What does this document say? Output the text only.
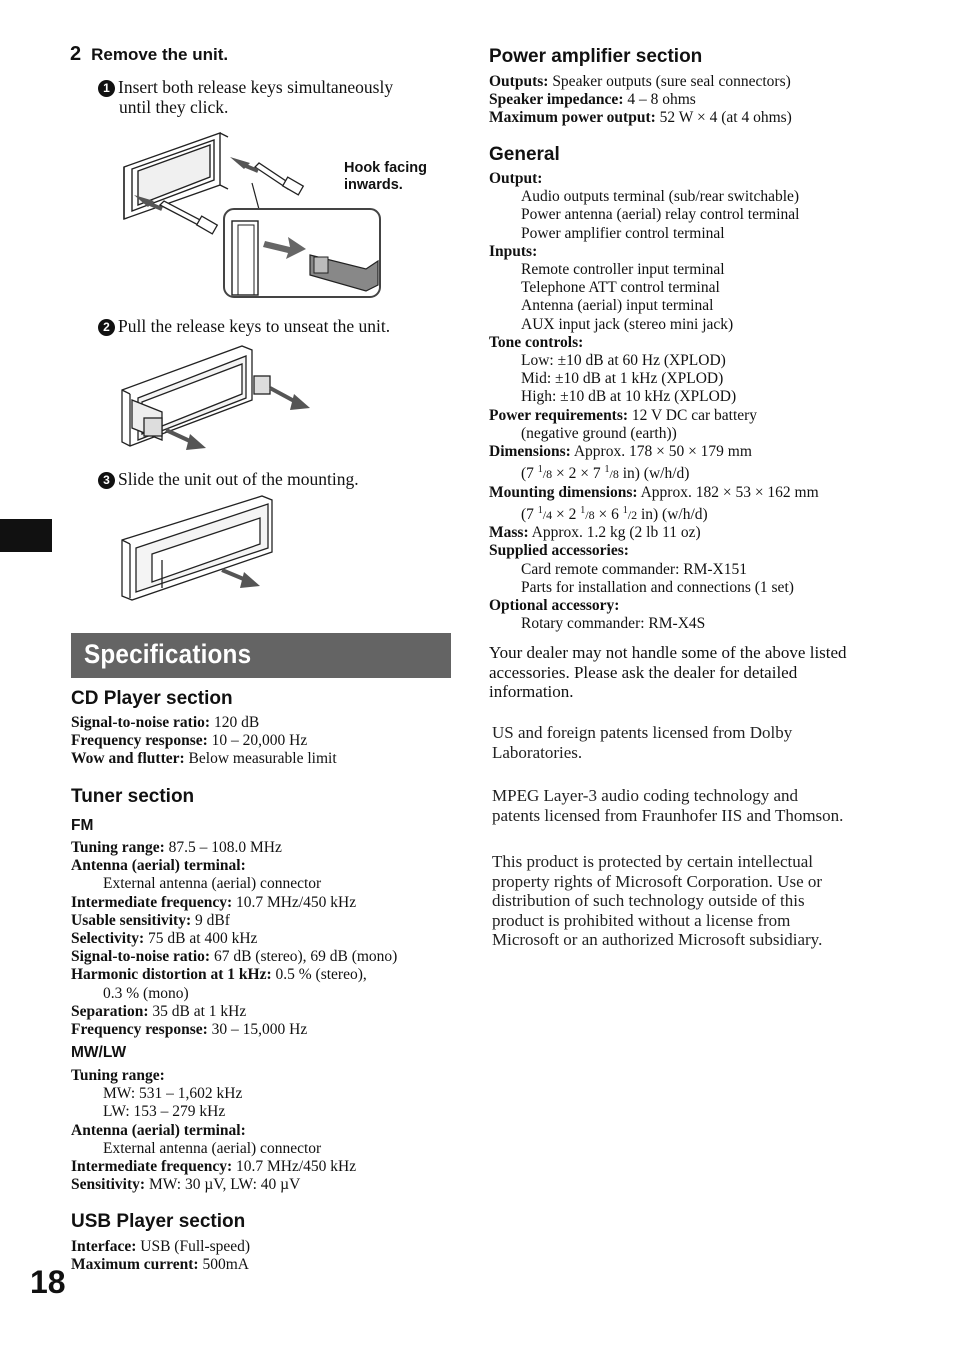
18
2 Remove the unit.
1 Insert both release keys simultaneously
until they click.
Hook facing
inwards.
2 Pull the release keys to unseat the unit.
3 Slide the unit out of the mounting.
Specifications
CD Player section
Signal-to-noise ratio: 120 dB
Frequency response: 10 – 20,000 Hz
Wow and flutter: Below measurable limit
Tuner section
FM
Tuning range: 87.5 – 108.0 MHz
Antenna (aerial) terminal:
External antenna (aerial) connector
Intermediate frequency: 10.7 MHz/450 kHz
Usable sensitivity: 9 dBf
Selectivity: 75 dB at 400 kHz
Signal-to-noise ratio: 67 dB (stereo), 69 dB (mono)
Harmonic distortion at 1 kHz: 0.5 % (stereo),
0.3 % (mono)
Separation: 35 dB at 1 kHz
Frequency response: 30 – 15,000 Hz
MW/LW
Tuning range:
MW: 531 – 1,602 kHz
LW: 153 – 279 kHz
Antenna (aerial) terminal:
External antenna (aerial) connector
Intermediate frequency: 10.7 MHz/450 kHz
Sensitivity: MW: 30 µV, LW: 40 µV
USB Player section
Interface: USB (Full-speed)
Maximum current: 500mA
Power amplifier section
Outputs: Speaker outputs (sure seal connectors)
Speaker impedance: 4 – 8 ohms
Maximum power output: 52 W × 4 (at 4 ohms)
General
Output:
Audio outputs terminal (sub/rear switchable)
Power antenna (aerial) relay control terminal
Power amplifier control terminal
Inputs:
Remote controller input terminal
Telephone ATT control terminal
Antenna (aerial) input terminal
AUX input jack (stereo mini jack)
Tone controls:
Low: ±10 dB at 60 Hz (XPLOD)
Mid: ±10 dB at 1 kHz (XPLOD)
High: ±10 dB at 10 kHz (XPLOD)
Power requirements: 12 V DC car battery
(negative ground (earth))
Dimensions: Approx. 178 × 50 × 179 mm
(7 $^1$/8 × 2 × 7 $^1$/8 in) (w/h/d)
Mounting dimensions: Approx. 182 × 53 × 162 mm
(7 $^1$/4 × 2 $^1$/8 × 6 $^1$/2 in) (w/h/d)
Mass: Approx. 1.2 kg (2 lb 11 oz)
Supplied accessories:
Card remote commander: RM-X151
Parts for installation and connections (1 set)
Optional accessory:
Rotary commander: RM-X4S
Your dealer may not handle some of the above listed
accessories. Please ask the dealer for detailed
information.
US and foreign patents licensed from Dolby
Laboratories.
MPEG Layer-3 audio coding technology and
patents licensed from Fraunhofer IIS and Thomson.
This product is protected by certain intellectual
property rights of Microsoft Corporation. Use or
distribution of such technology outside of this
product is prohibited without a license from
Microsoft or an authorized Microsoft subsidiary.
